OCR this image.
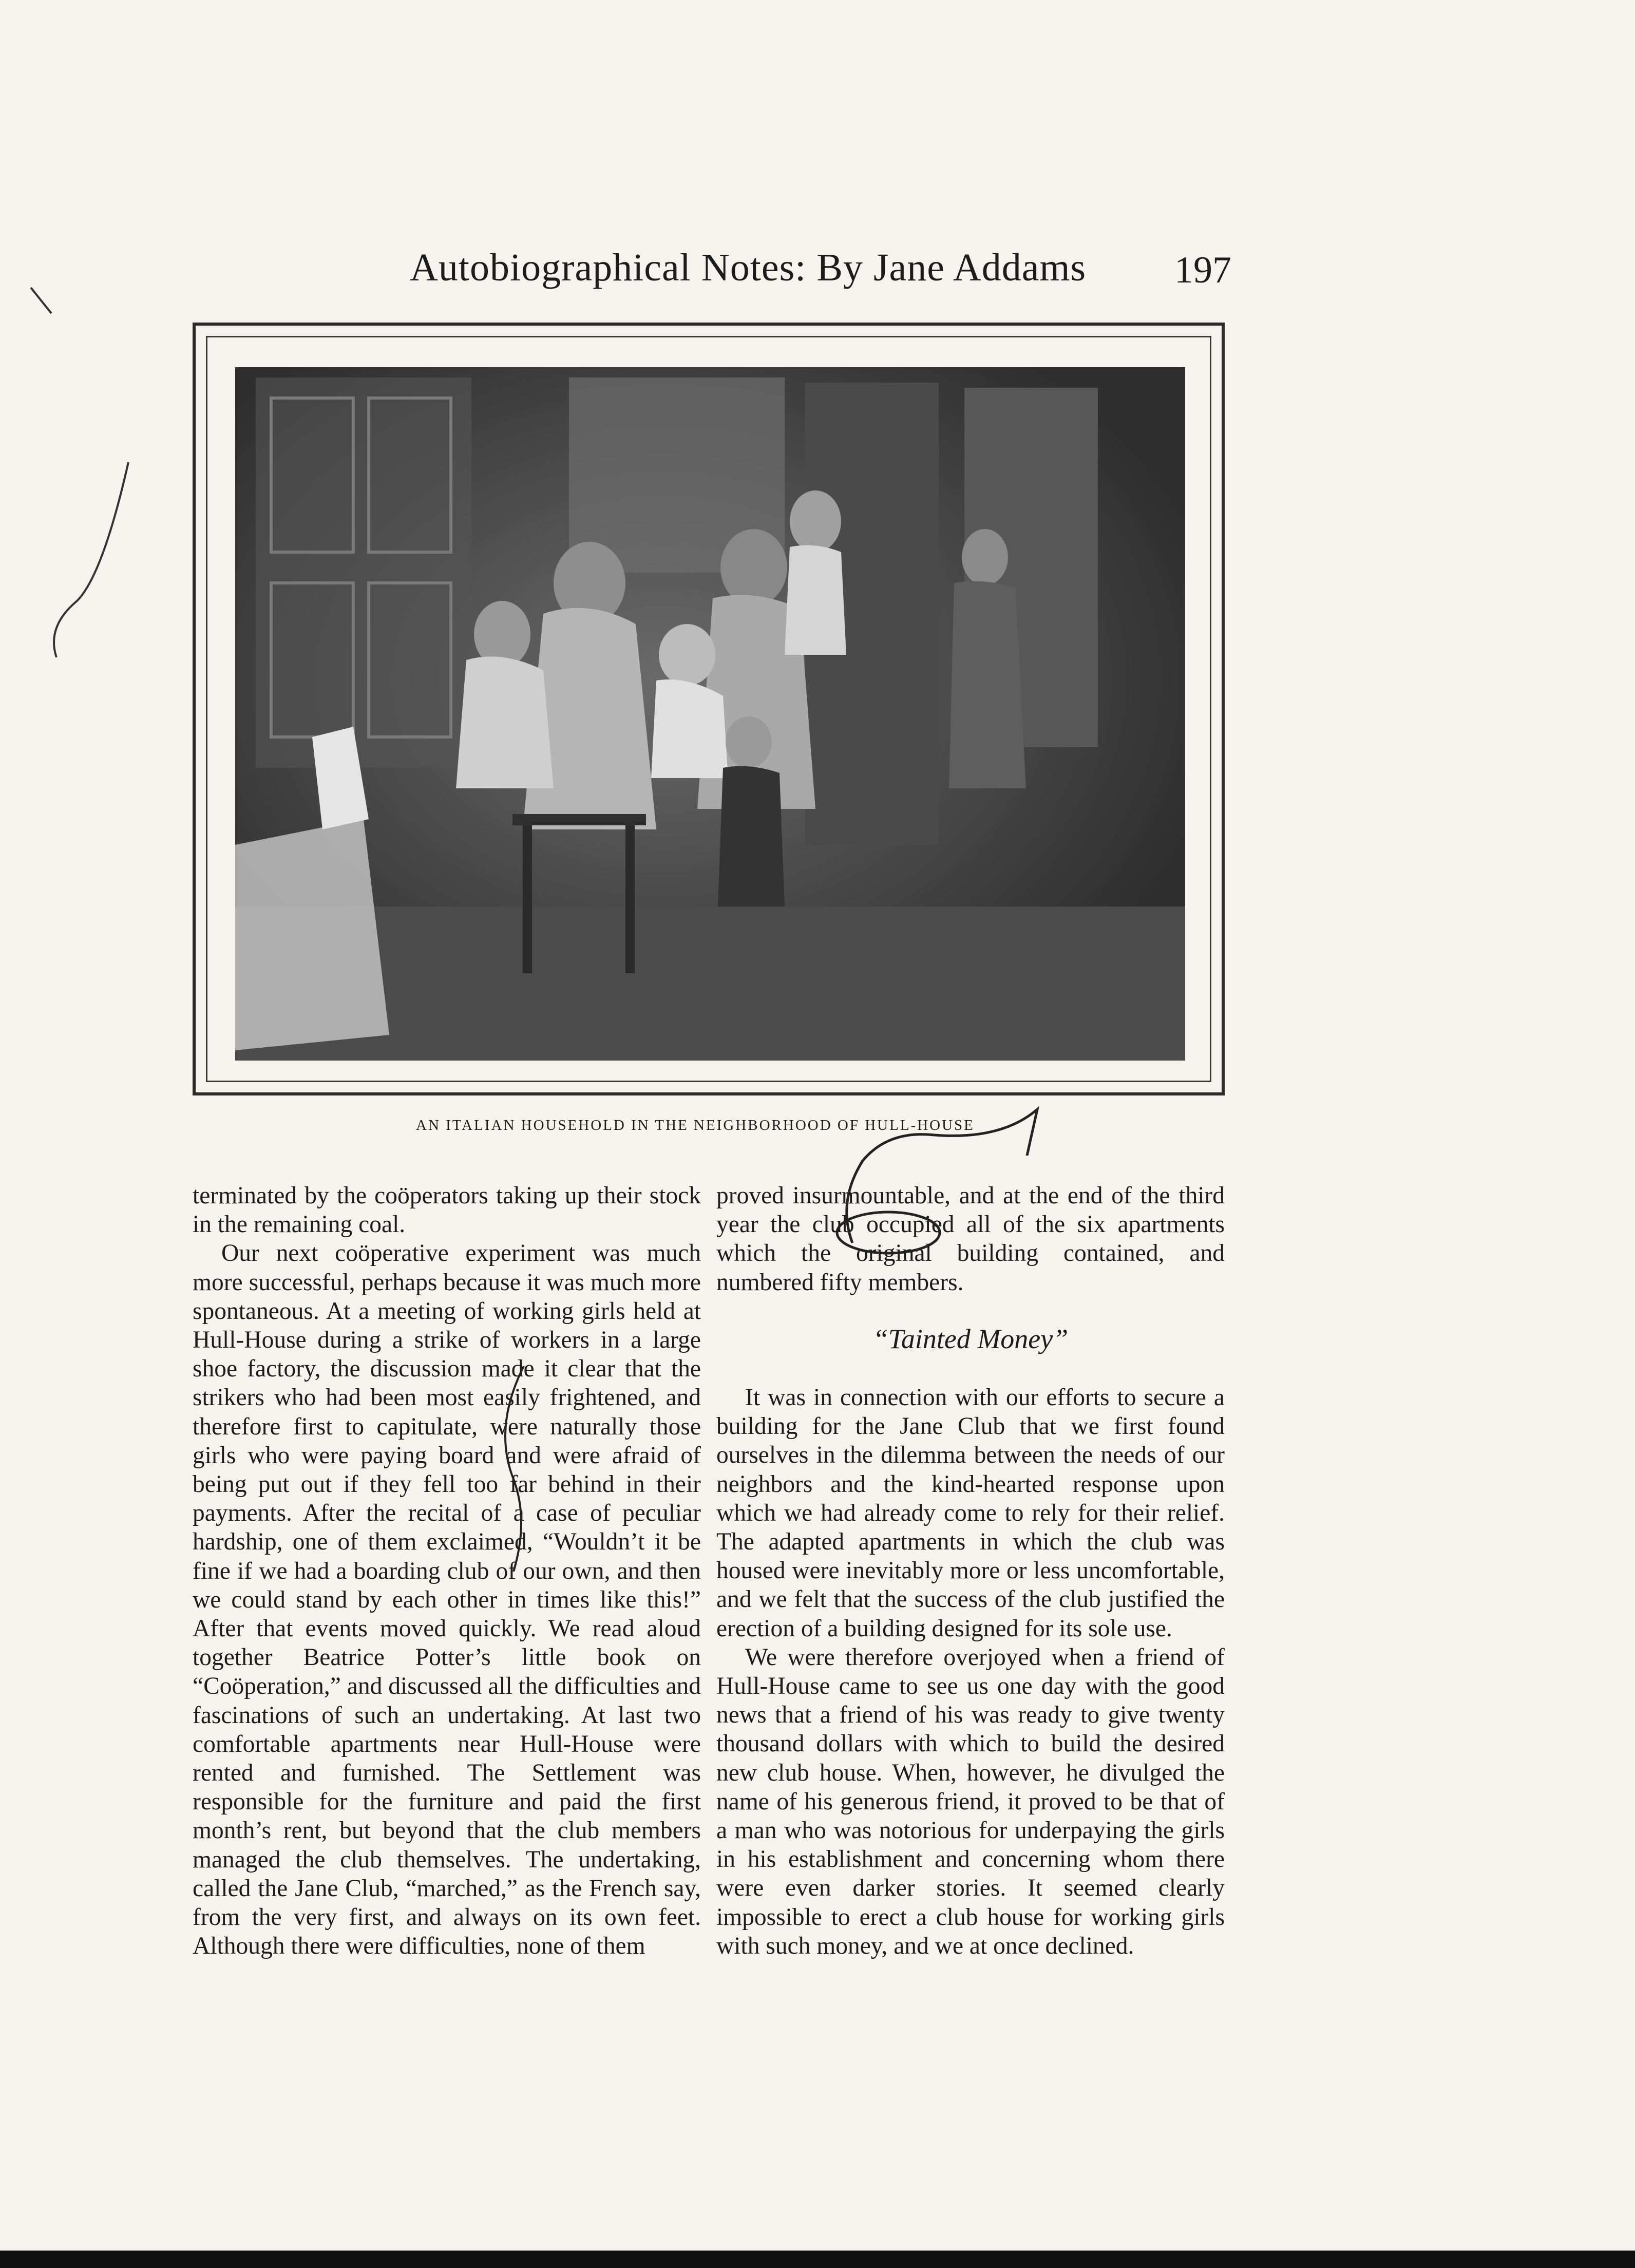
Autobiographical Notes: By Jane Addams 197
AN ITALIAN HOUSEHOLD IN THE NEIGHBORHOOD OF HULL-HOUSE

terminated by the coöperators taking up their stock in the remaining coal.

Our next coöperative experiment was much more successful, perhaps because it was much more spontaneous. At a meeting of working girls held at Hull-House during a strike of workers in a large shoe factory, the discussion made it clear that the strikers who had been most easily frightened, and therefore first to capitulate, were naturally those girls who were paying board and were afraid of being put out if they fell too far behind in their payments. After the recital of a case of peculiar hardship, one of them exclaimed, “Wouldn’t it be fine if we had a boarding club of our own, and then we could stand by each other in times like this!” After that events moved quickly. We read aloud together Beatrice Potter’s little book on “Coöperation,” and discussed all the difficulties and fascinations of such an undertaking. At last two comfortable apartments near Hull-House were rented and furnished. The Settlement was responsible for the furniture and paid the first month’s rent, but beyond that the club members managed the club themselves. The undertaking, called the Jane Club, “marched,” as the French say, from the very first, and always on its own feet. Although there were difficulties, none of them

proved insurmountable, and at the end of the third year the club occupied all of the six apartments which the original building contained, and numbered fifty members.

“Tainted Money”

It was in connection with our efforts to secure a building for the Jane Club that we first found ourselves in the dilemma between the needs of our neighbors and the kind-hearted response upon which we had already come to rely for their relief. The adapted apartments in which the club was housed were inevitably more or less uncomfortable, and we felt that the success of the club justified the erection of a building designed for its sole use.

We were therefore overjoyed when a friend of Hull-House came to see us one day with the good news that a friend of his was ready to give twenty thousand dollars with which to build the desired new club house. When, however, he divulged the name of his generous friend, it proved to be that of a man who was notorious for underpaying the girls in his establishment and concerning whom there were even darker stories. It seemed clearly impossible to erect a club house for working girls with such money, and we at once declined.
